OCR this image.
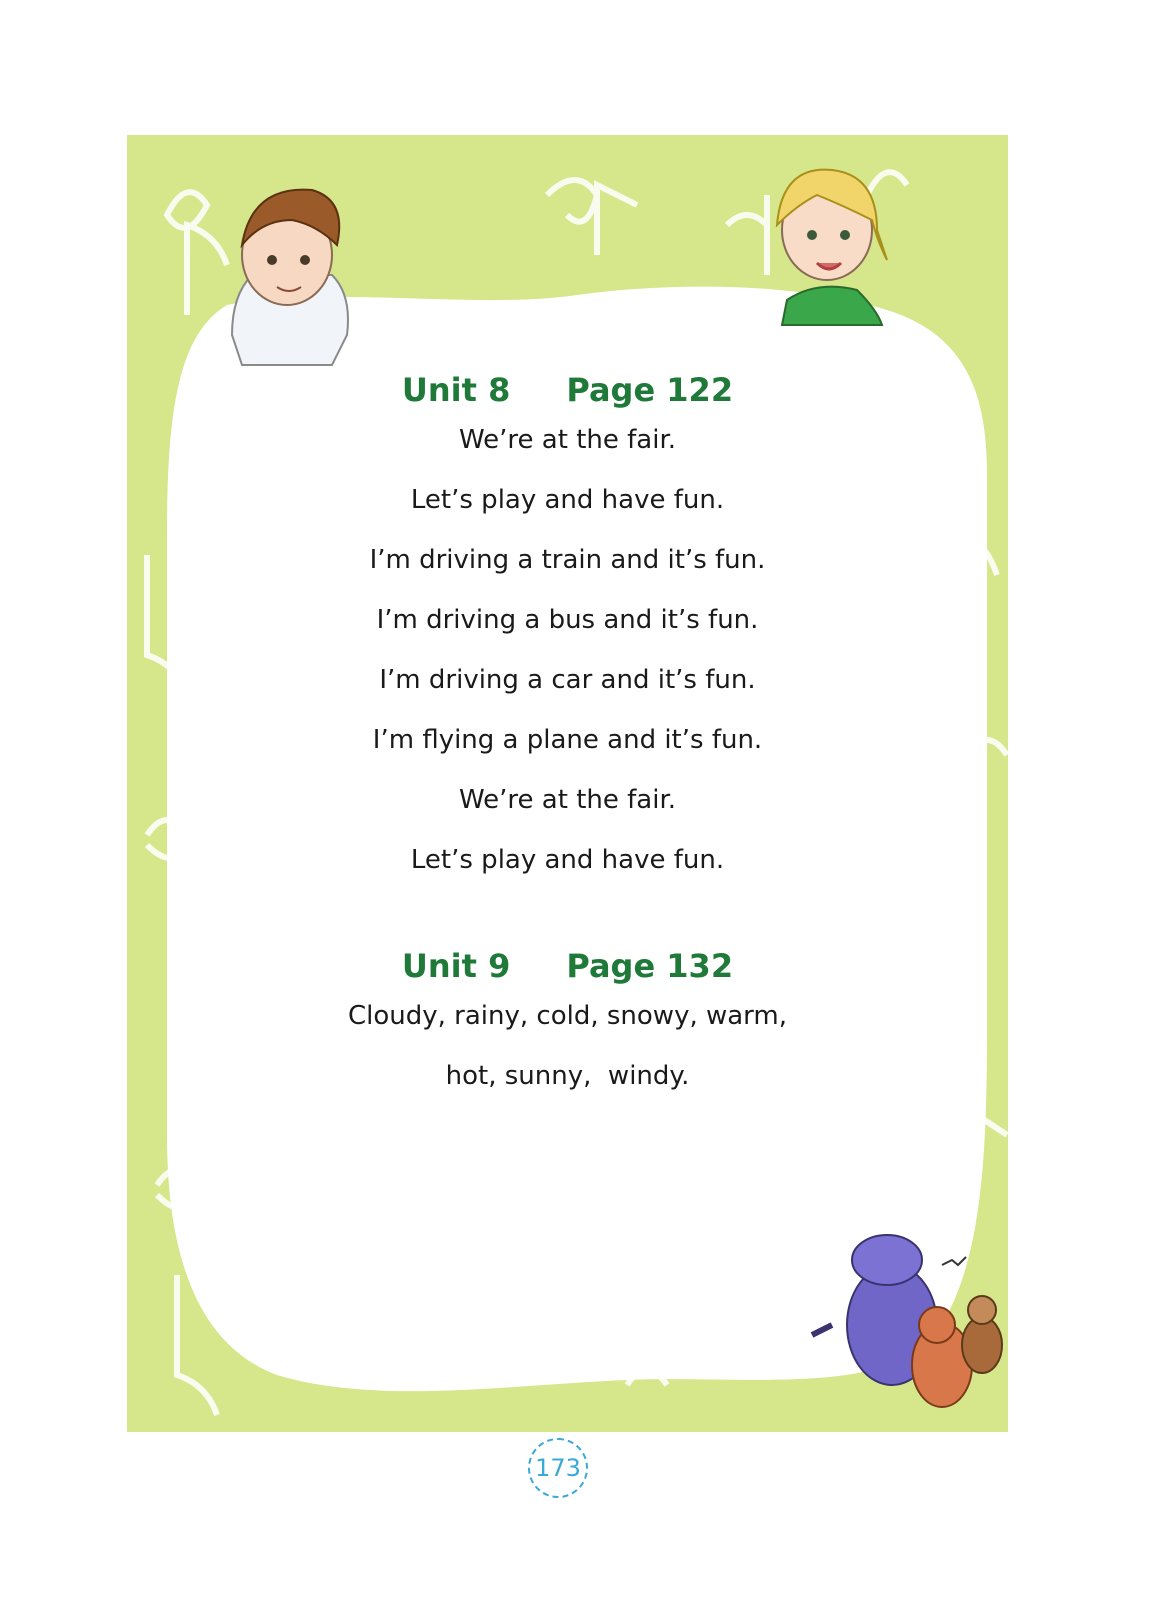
Unit 8 Page 122

We’re at the fair.

Let’s play and have fun.

I’m driving a train and it’s fun.

I’m driving a bus and it’s fun.

I’m driving a car and it’s fun.

I’m flying a plane and it’s fun.

We’re at the fair.

Let’s play and have fun.

Unit 9 Page 132

Cloudy, rainy, cold, snowy, warm,

hot, sunny,  windy.

173
